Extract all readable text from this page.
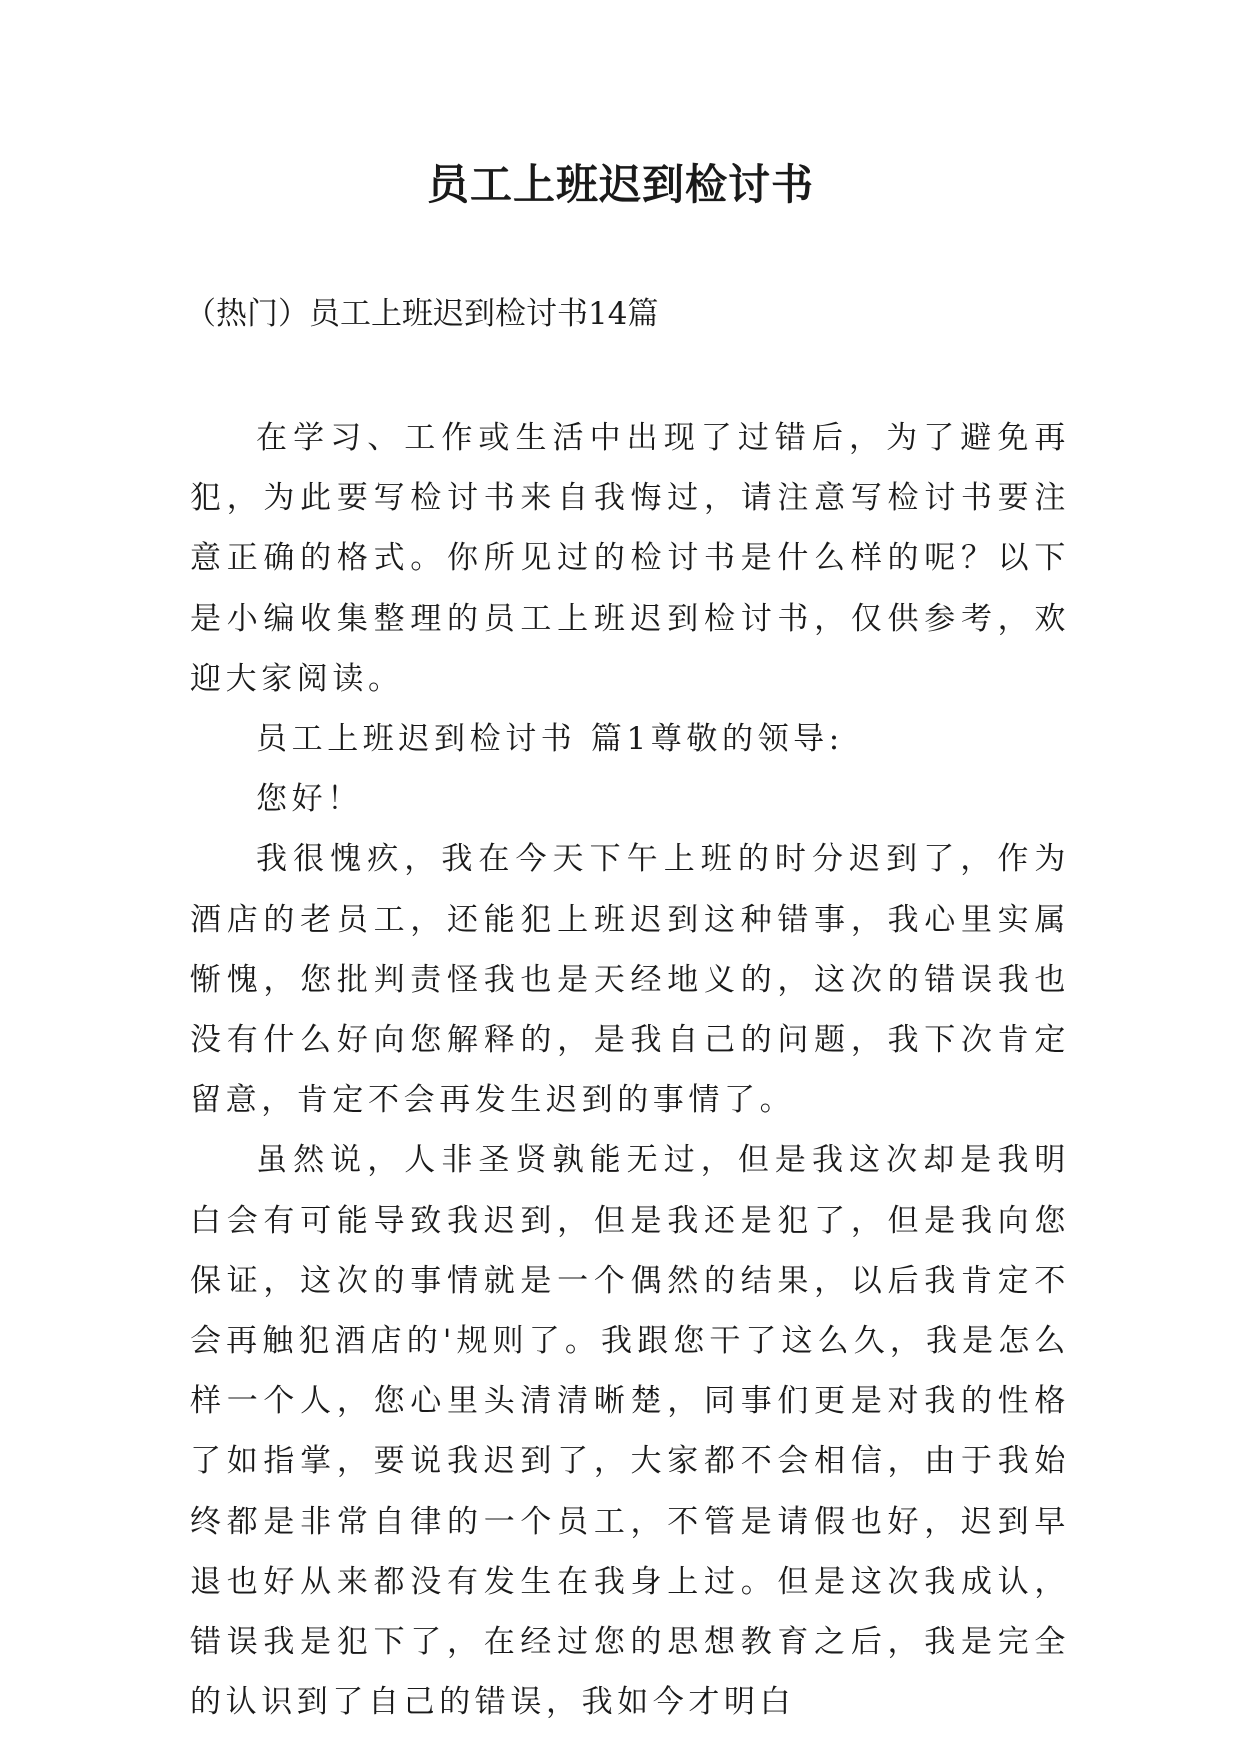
员工上班迟到检讨书

（热门）员工上班迟到检讨书14篇

在学习、工作或生活中出现了过错后，为了避免再犯，为此要写检讨书来自我悔过，请注意写检讨书要注意正确的格式。你所见过的检讨书是什么样的呢？以下是小编收集整理的员工上班迟到检讨书，仅供参考，欢迎大家阅读。

员工上班迟到检讨书 篇1尊敬的领导:

您好！

我很愧疚，我在今天下午上班的时分迟到了，作为酒店的老员工，还能犯上班迟到这种错事，我心里实属惭愧，您批判责怪我也是天经地义的，这次的错误我也没有什么好向您解释的，是我自己的问题，我下次肯定留意，肯定不会再发生迟到的事情了。

虽然说，人非圣贤孰能无过，但是我这次却是我明白会有可能导致我迟到，但是我还是犯了，但是我向您保证，这次的事情就是一个偶然的结果，以后我肯定不会再触犯酒店的'规则了。我跟您干了这么久，我是怎么样一个人，您心里头清清晰楚，同事们更是对我的性格了如指掌，要说我迟到了，大家都不会相信，由于我始终都是非常自律的一个员工，不管是请假也好，迟到早退也好从来都没有发生在我身上过。但是这次我成认，错误我是犯下了，在经过您的思想教育之后，我是完全的认识到了自己的错误，我如今才明白
